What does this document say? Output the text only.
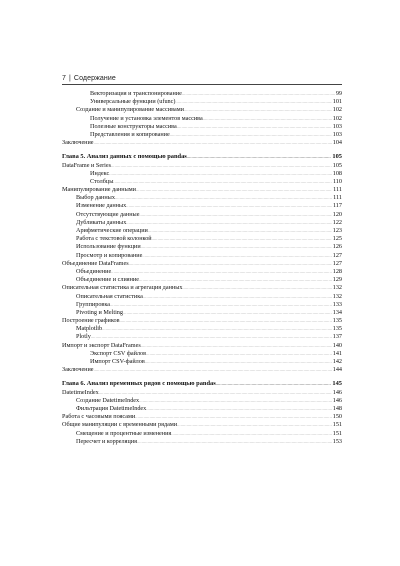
7 | Содержание
Векторизация и транспонирование . . .	99
Универсальные функции (ufunc) . . .	101
Создание и манипулирование массивами . . .	102
Получение и установка элементов массива . . .	102
Полезные конструкторы массива . . .	103
Представления и копирование . . .	103
Заключение . . .	104
Глава 5. Анализ данных с помощью pandas . . .	105
DataFrame и Series . . .	105
Индекс . . .	108
Столбцы . . .	110
Манипулирование данными . . .	111
Выбор данных . . .	111
Изменение данных . . .	117
Отсутствующие данные . . .	120
Дубликаты данных . . .	122
Арифметические операции . . .	123
Работа с текстовой колонкой . . .	125
Использование функции . . .	126
Просмотр и копирование . . .	127
Объединение DataFrames . . .	127
Объединение . . .	128
Объединение и слияние . . .	129
Описательная статистика и агрегация данных . . .	132
Описательная статистика . . .	132
Группировка . . .	133
Pivoting и Melting . . .	134
Построение графиков . . .	135
Matplotlib . . .	135
Plotly . . .	137
Импорт и экспорт DataFrames . . .	140
Экспорт CSV файлов . . .	141
Импорт CSV-файлов . . .	142
Заключение . . .	144
Глава 6. Анализ временных рядов с помощью pandas . . .	145
DatetimeIndex . . .	146
Создание DatetimeIndex . . .	146
Фильтрация DatetimeIndex . . .	148
Работа с часовыми поясами . . .	150
Общие манипуляции с временными рядами . . .	151
Смещение и процентные изменения . . .	151
Пересчет и корреляция . . .	153
